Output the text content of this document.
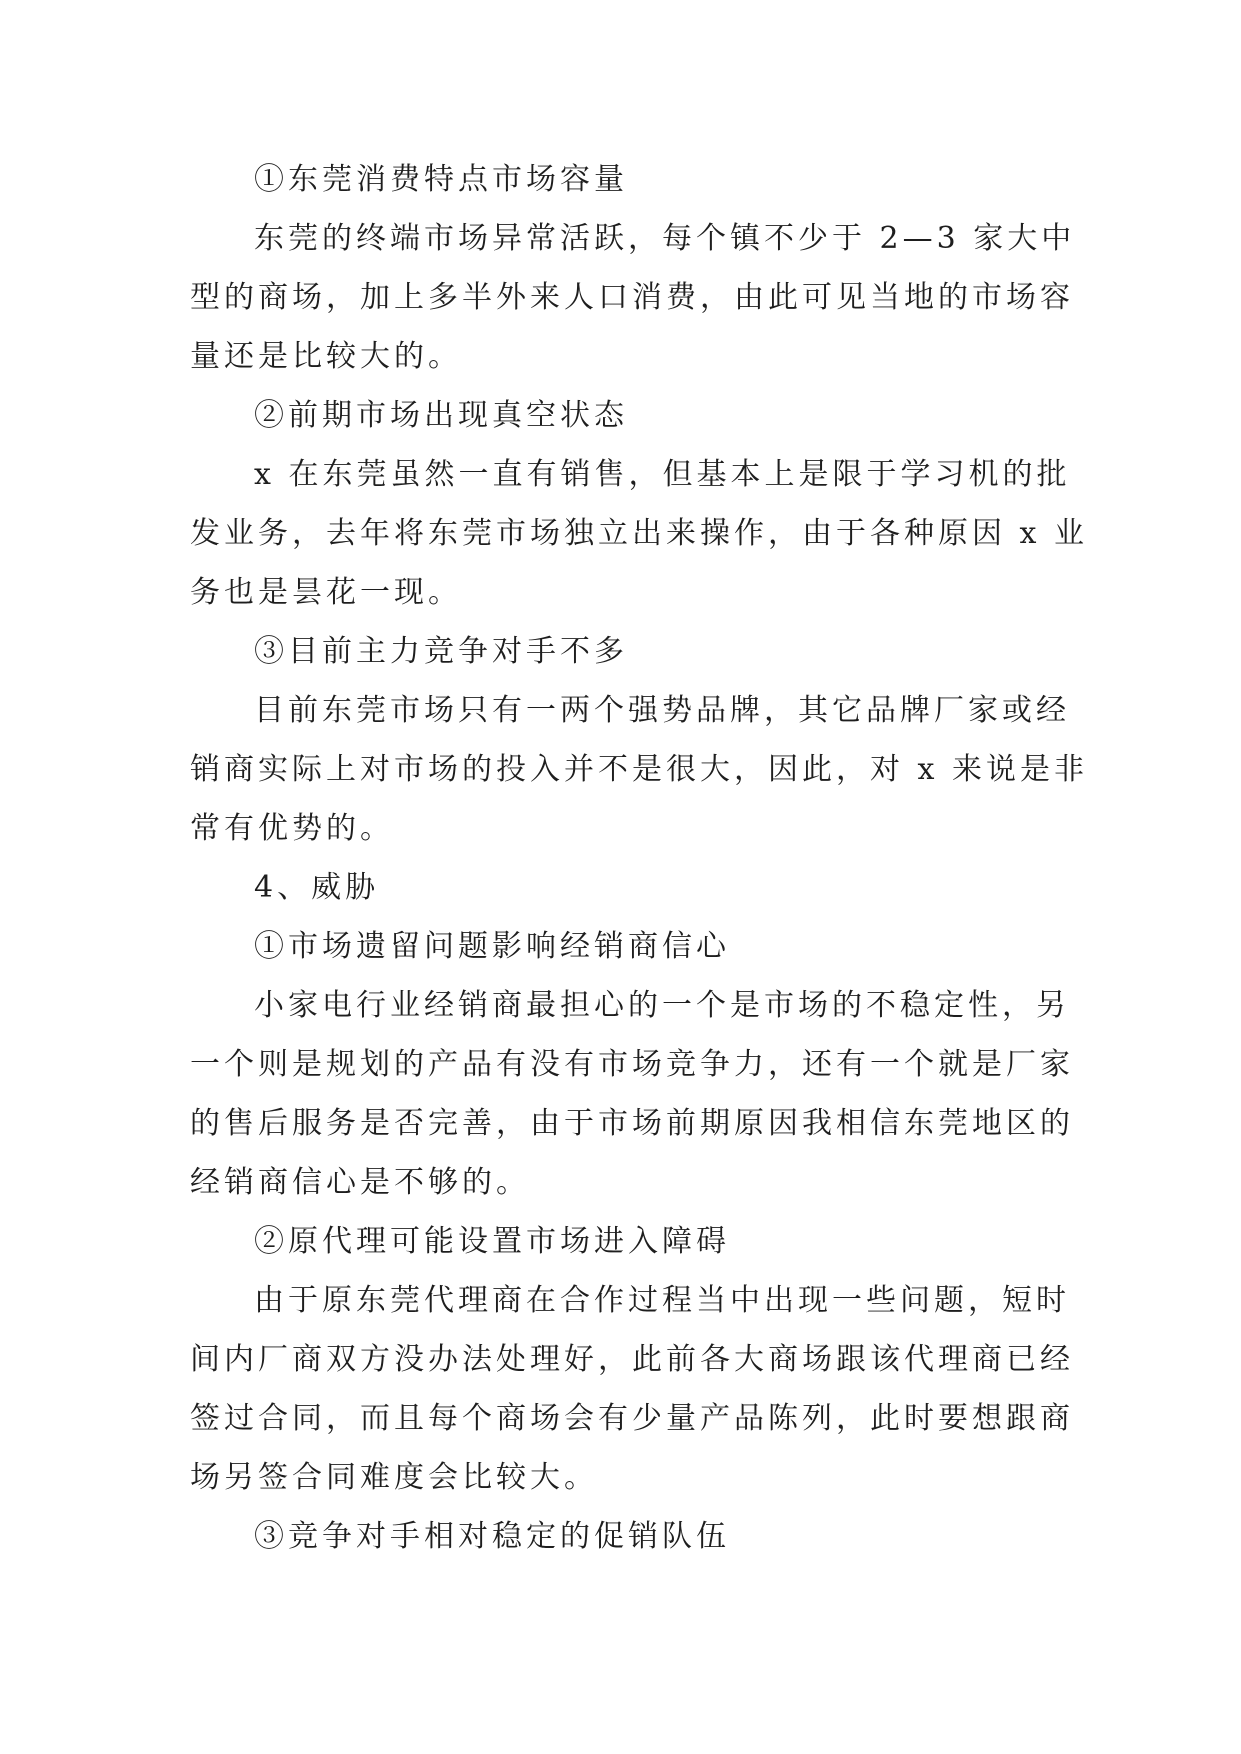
①东莞消费特点市场容量
东莞的终端市场异常活跃，每个镇不少于 2—3 家大中
型的商场，加上多半外来人口消费，由此可见当地的市场容
量还是比较大的。
②前期市场出现真空状态
x 在东莞虽然一直有销售，但基本上是限于学习机的批
发业务，去年将东莞市场独立出来操作，由于各种原因 x 业
务也是昙花一现。
③目前主力竞争对手不多
目前东莞市场只有一两个强势品牌，其它品牌厂家或经
销商实际上对市场的投入并不是很大，因此，对 x 来说是非
常有优势的。
4、威胁
①市场遗留问题影响经销商信心
小家电行业经销商最担心的一个是市场的不稳定性，另
一个则是规划的产品有没有市场竞争力，还有一个就是厂家
的售后服务是否完善，由于市场前期原因我相信东莞地区的
经销商信心是不够的。
②原代理可能设置市场进入障碍
由于原东莞代理商在合作过程当中出现一些问题，短时
间内厂商双方没办法处理好，此前各大商场跟该代理商已经
签过合同，而且每个商场会有少量产品陈列，此时要想跟商
场另签合同难度会比较大。
③竞争对手相对稳定的促销队伍
